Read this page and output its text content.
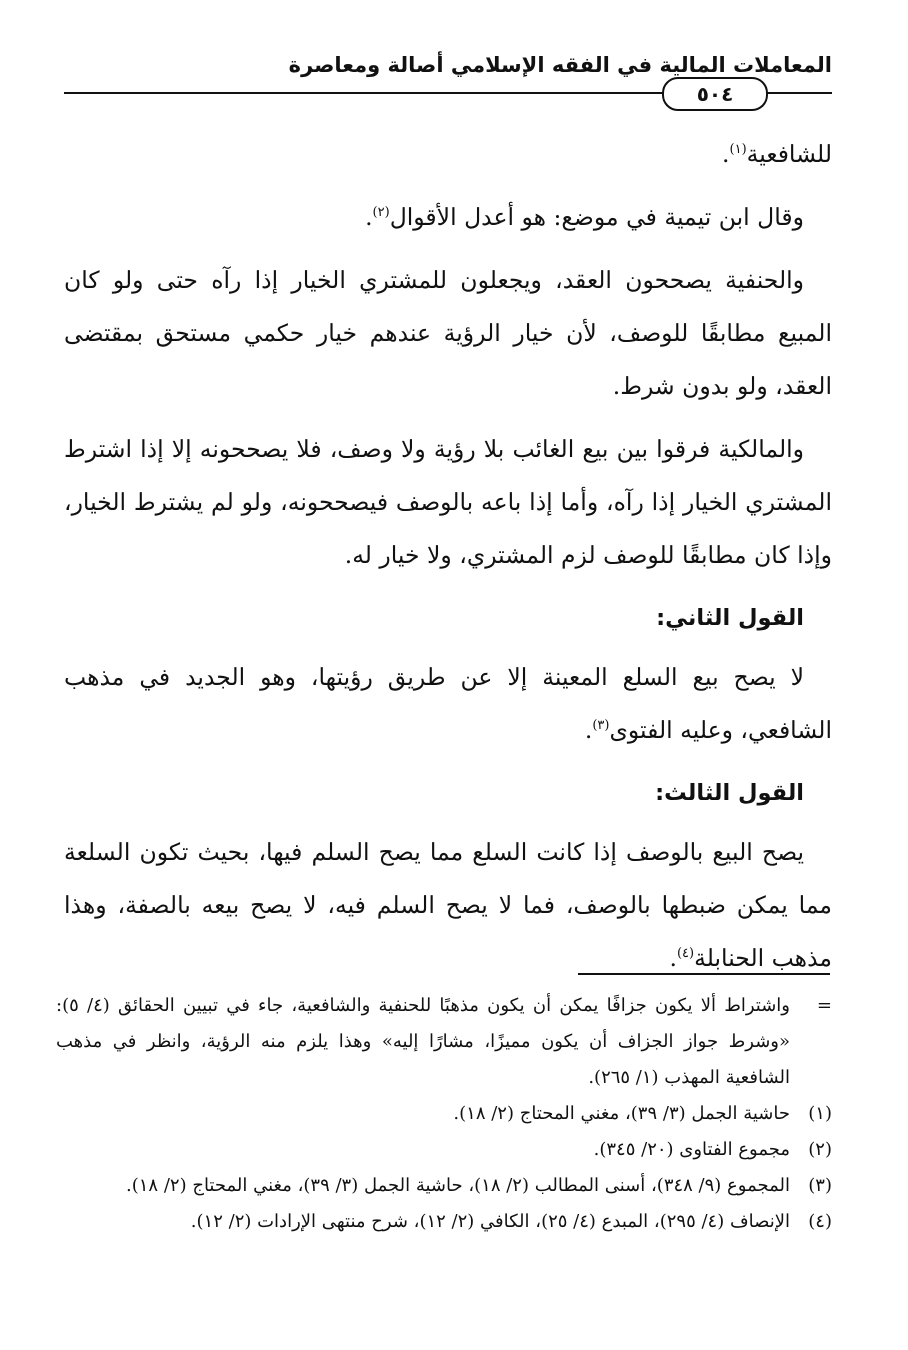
المعاملات المالية في الفقه الإسلامي أصالة ومعاصرة
٥٠٤

للشافعية$^{(١)}$.

وقال ابن تيمية في موضع: هو أعدل الأقوال$^{(٢)}$.

والحنفية يصححون العقد، ويجعلون للمشتري الخيار إذا رآه حتى ولو كان المبيع مطابقًا للوصف، لأن خيار الرؤية عندهم خيار حكمي مستحق بمقتضى العقد، ولو بدون شرط.

والمالكية فرقوا بين بيع الغائب بلا رؤية ولا وصف، فلا يصححونه إلا إذا اشترط المشتري الخيار إذا رآه، وأما إذا باعه بالوصف فيصححونه، ولو لم يشترط الخيار، وإذا كان مطابقًا للوصف لزم المشتري، ولا خيار له.

القول الثاني:

لا يصح بيع السلع المعينة إلا عن طريق رؤيتها، وهو الجديد في مذهب الشافعي، وعليه الفتوى$^{(٣)}$.

القول الثالث:

يصح البيع بالوصف إذا كانت السلع مما يصح السلم فيها، بحيث تكون السلعة مما يمكن ضبطها بالوصف، فما لا يصح السلم فيه، لا يصح بيعه بالصفة، وهذا مذهب الحنابلة$^{(٤)}$.

=
واشتراط ألا يكون جزافًا يمكن أن يكون مذهبًا للحنفية والشافعية، جاء في تبيين الحقائق (٤/ ٥): «وشرط جواز الجزاف أن يكون مميزًا، مشارًا إليه» وهذا يلزم منه الرؤية، وانظر في مذهب الشافعية المهذب (١/ ٢٦٥).
(١)
حاشية الجمل (٣/ ٣٩)، مغني المحتاج (٢/ ١٨).
(٢)
مجموع الفتاوى (٢٠/ ٣٤٥).
(٣)
المجموع (٩/ ٣٤٨)، أسنى المطالب (٢/ ١٨)، حاشية الجمل (٣/ ٣٩)، مغني المحتاج (٢/ ١٨).
(٤)
الإنصاف (٤/ ٢٩٥)، المبدع (٤/ ٢٥)، الكافي (٢/ ١٢)، شرح منتهى الإرادات (٢/ ١٢).
